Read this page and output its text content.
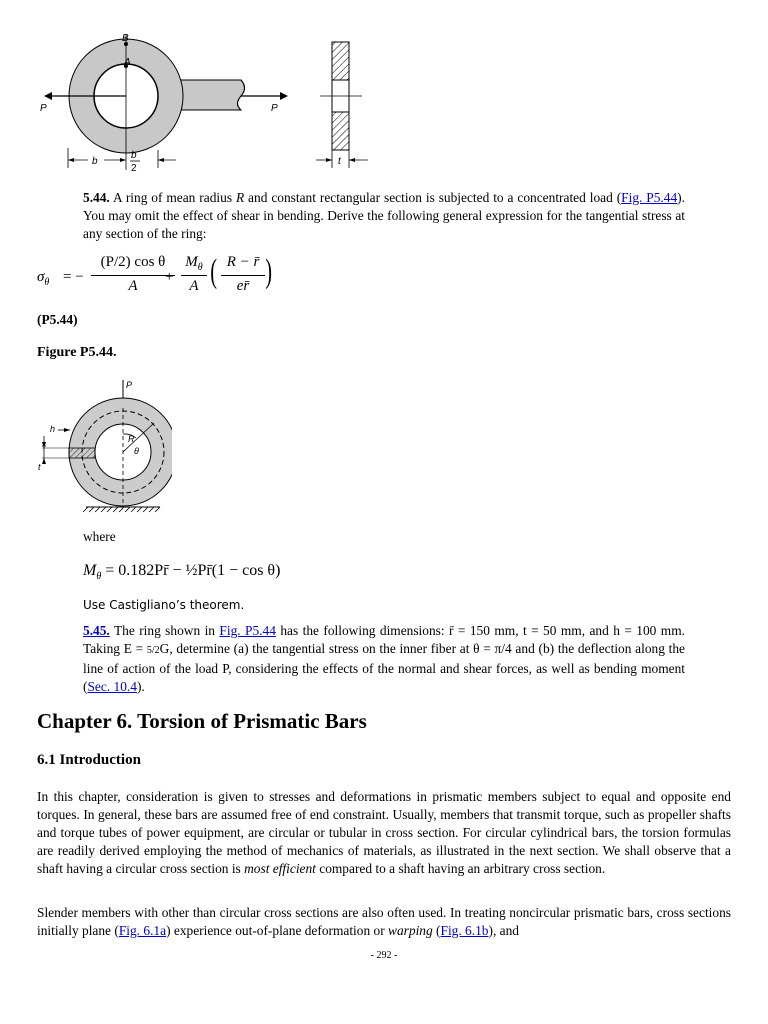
B
A
P	P
b
b
2
t
5.44. A ring of mean radius R and constant rectangular section is subjected to a concentrated load (Fig. P5.44). You may omit the effect of shear in bending. Derive the following general expression for the tangential stress at any section of the ring:
$\sigma_\theta$ = −
(P/2) cos θ
A
+
$M_\theta$
A ( R − r̄
er̄ )
(P5.44)
Figure P5.44.
P
R
θ
h
t
where
$M_\theta$ = 0.182Pr̄ − ½Pr̄(1 − cos θ)
Use Castigliano’s theorem.
5.45. The ring shown in Fig. P5.44 has the following dimensions: r̄ = 150 mm, t = 50 mm, and h = 100 mm. Taking E = 5/2G, determine (a) the tangential stress on the inner fiber at θ = π/4 and (b) the deflection along the line of action of the load P, considering the effects of the normal and shear forces, as well as bending moment (Sec. 10.4).
Chapter 6. Torsion of Prismatic Bars
6.1 Introduction
In this chapter, consideration is given to stresses and deformations in prismatic members subject to equal and opposite end torques. In general, these bars are assumed free of end constraint. Usually, members that transmit torque, such as propeller shafts and torque tubes of power equipment, are circular or tubular in cross section. For circular cylindrical bars, the torsion formulas are readily derived employing the method of mechanics of materials, as illustrated in the next section. We shall observe that a shaft having a circular cross section is most efficient compared to a shaft having an arbitrary cross section.
Slender members with other than circular cross sections are also often used. In treating noncircular prismatic bars, cross sections initially plane (Fig. 6.1a) experience out-of-plane deformation or warping (Fig. 6.1b), and
- 292 -
